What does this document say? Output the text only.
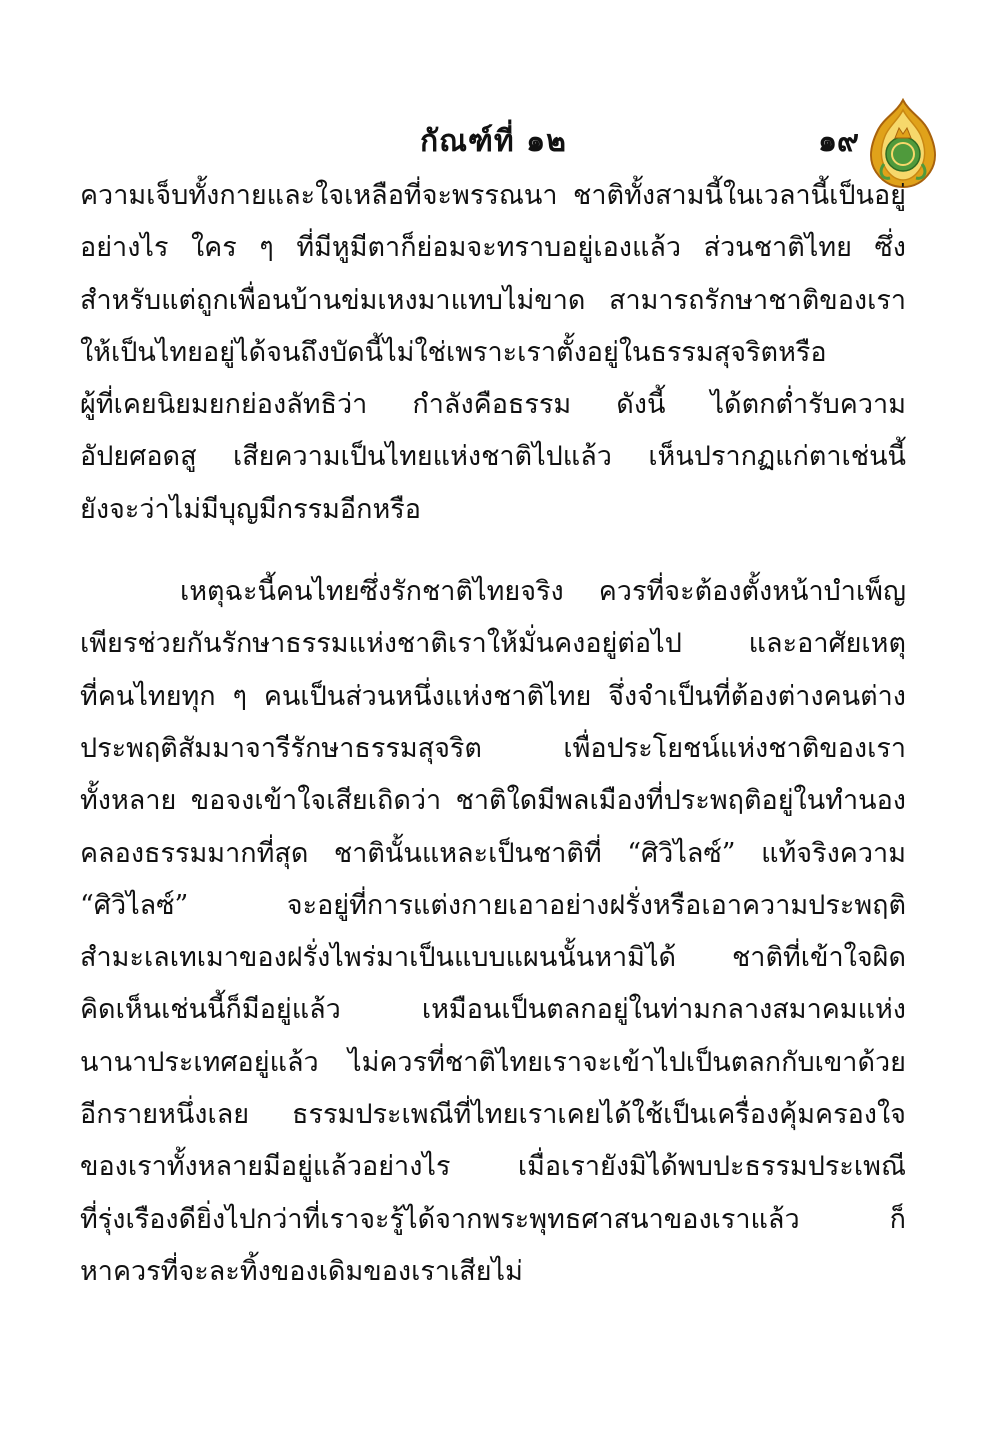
กัณฑ์ที่ ๑๒	๑๙
ความเจ็บทั้งกายและใจเหลือที่จะพรรณนา ชาติทั้งสามนี้ในเวลานี้เป็นอยู่
อย่างไร ใคร ๆ ที่มีหูมีตาก็ย่อมจะทราบอยู่เองแล้ว ส่วนชาติไทย ซึ่ง
สำหรับแต่ถูกเพื่อนบ้านข่มเหงมาแทบไม่ขาด สามารถรักษาชาติของเรา
ให้เป็นไทยอยู่ได้จนถึงบัดนี้ไม่ใช่เพราะเราตั้งอยู่ในธรรมสุจริตหรือ
ผู้ที่เคยนิยมยกย่องลัทธิว่า กำลังคือธรรม ดังนี้ ได้ตกต่ำรับความ
อัปยศอดสู เสียความเป็นไทยแห่งชาติไปแล้ว เห็นปรากฏแก่ตาเช่นนี้
ยังจะว่าไม่มีบุญมีกรรมอีกหรือ
เหตุฉะนี้คนไทยซึ่งรักชาติไทยจริง ควรที่จะต้องตั้งหน้าบำเพ็ญ
เพียรช่วยกันรักษาธรรมแห่งชาติเราให้มั่นคงอยู่ต่อไป และอาศัยเหตุ
ที่คนไทยทุก ๆ คนเป็นส่วนหนึ่งแห่งชาติไทย จึ่งจำเป็นที่ต้องต่างคนต่าง
ประพฤติสัมมาจารีรักษาธรรมสุจริต เพื่อประโยชน์แห่งชาติของเรา
ทั้งหลาย ขอจงเข้าใจเสียเถิดว่า ชาติใดมีพลเมืองที่ประพฤติอยู่ในทำนอง
คลองธรรมมากที่สุด ชาตินั้นแหละเป็นชาติที่ “ศิวิไลซ์” แท้จริงความ
“ศิวิไลซ์” จะอยู่ที่การแต่งกายเอาอย่างฝรั่งหรือเอาความประพฤติ
สำมะเลเทเมาของฝรั่งไพร่มาเป็นแบบแผนนั้นหามิได้ ชาติที่เข้าใจผิด
คิดเห็นเช่นนี้ก็มีอยู่แล้ว เหมือนเป็นตลกอยู่ในท่ามกลางสมาคมแห่ง
นานาประเทศอยู่แล้ว ไม่ควรที่ชาติไทยเราจะเข้าไปเป็นตลกกับเขาด้วย
อีกรายหนึ่งเลย ธรรมประเพณีที่ไทยเราเคยได้ใช้เป็นเครื่องคุ้มครองใจ
ของเราทั้งหลายมีอยู่แล้วอย่างไร เมื่อเรายังมิได้พบปะธรรมประเพณี
ที่รุ่งเรืองดียิ่งไปกว่าที่เราจะรู้ได้จากพระพุทธศาสนาของเราแล้ว ก็
หาควรที่จะละทิ้งของเดิมของเราเสียไม่
